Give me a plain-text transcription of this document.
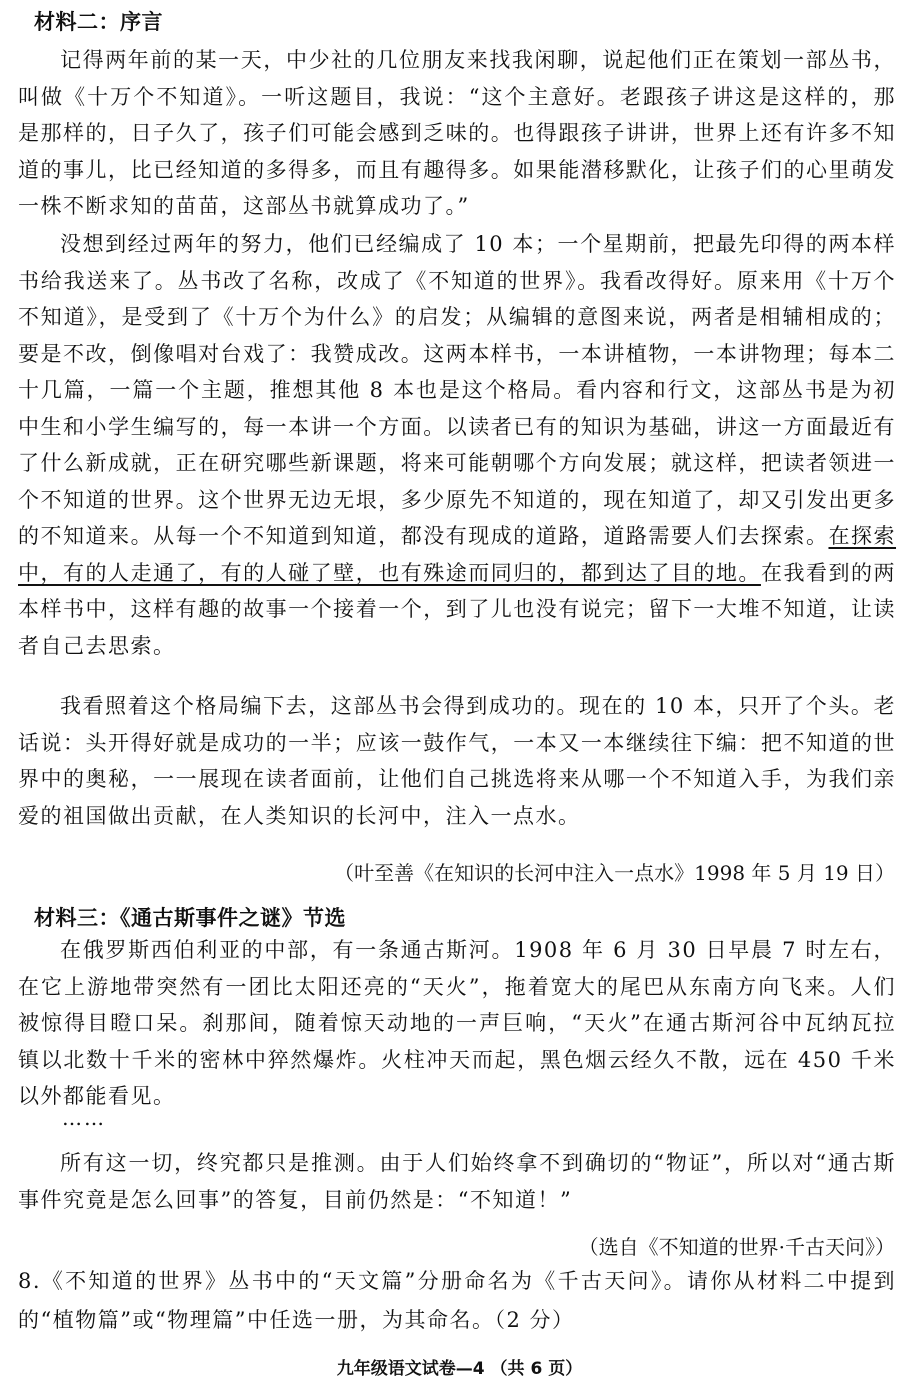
材料二：序言

记得两年前的某一天，中少社的几位朋友来找我闲聊，说起他们正在策划一部丛书，叫做《十万个不知道》。一听这题目，我说：“这个主意好。老跟孩子讲这是这样的，那是那样的，日子久了，孩子们可能会感到乏味的。也得跟孩子讲讲，世界上还有许多不知道的事儿，比已经知道的多得多，而且有趣得多。如果能潜移默化，让孩子们的心里萌发一株不断求知的苗苗，这部丛书就算成功了。”

没想到经过两年的努力，他们已经编成了 10 本；一个星期前，把最先印得的两本样书给我送来了。丛书改了名称，改成了《不知道的世界》。我看改得好。原来用《十万个不知道》，是受到了《十万个为什么》的启发；从编辑的意图来说，两者是相辅相成的；要是不改，倒像唱对台戏了：我赞成改。这两本样书，一本讲植物，一本讲物理；每本二十几篇，一篇一个主题，推想其他 8 本也是这个格局。看内容和行文，这部丛书是为初中生和小学生编写的，每一本讲一个方面。以读者已有的知识为基础，讲这一方面最近有了什么新成就，正在研究哪些新课题，将来可能朝哪个方向发展；就这样，把读者领进一个不知道的世界。这个世界无边无垠，多少原先不知道的，现在知道了，却又引发出更多的不知道来。从每一个不知道到知道，都没有现成的道路，道路需要人们去探索。在探索中，有的人走通了，有的人碰了壁，也有殊途而同归的，都到达了目的地。在我看到的两本样书中，这样有趣的故事一个接着一个，到了儿也没有说完；留下一大堆不知道，让读者自己去思索。

我看照着这个格局编下去，这部丛书会得到成功的。现在的 10 本，只开了个头。老话说：头开得好就是成功的一半；应该一鼓作气，一本又一本继续往下编：把不知道的世界中的奥秘，一一展现在读者面前，让他们自己挑选将来从哪一个不知道入手，为我们亲爱的祖国做出贡献，在人类知识的长河中，注入一点水。

（叶至善《在知识的长河中注入一点水》1998 年 5 月 19 日）
材料三：《通古斯事件之谜》节选

在俄罗斯西伯利亚的中部，有一条通古斯河。1908 年 6 月 30 日早晨 7 时左右，在它上游地带突然有一团比太阳还亮的“天火”，拖着宽大的尾巴从东南方向飞来。人们被惊得目瞪口呆。刹那间，随着惊天动地的一声巨响，“天火”在通古斯河谷中瓦纳瓦拉镇以北数十千米的密林中猝然爆炸。火柱冲天而起，黑色烟云经久不散，远在 450 千米以外都能看见。

……

所有这一切，终究都只是推测。由于人们始终拿不到确切的“物证”，所以对“通古斯事件究竟是怎么回事”的答复，目前仍然是：“不知道！”

（选自《不知道的世界·千古天问》）

8.《不知道的世界》丛书中的“天文篇”分册命名为《千古天问》。请你从材料二中提到的“植物篇”或“物理篇”中任选一册，为其命名。（2 分）

九年级语文试卷—4 （共 6 页）
